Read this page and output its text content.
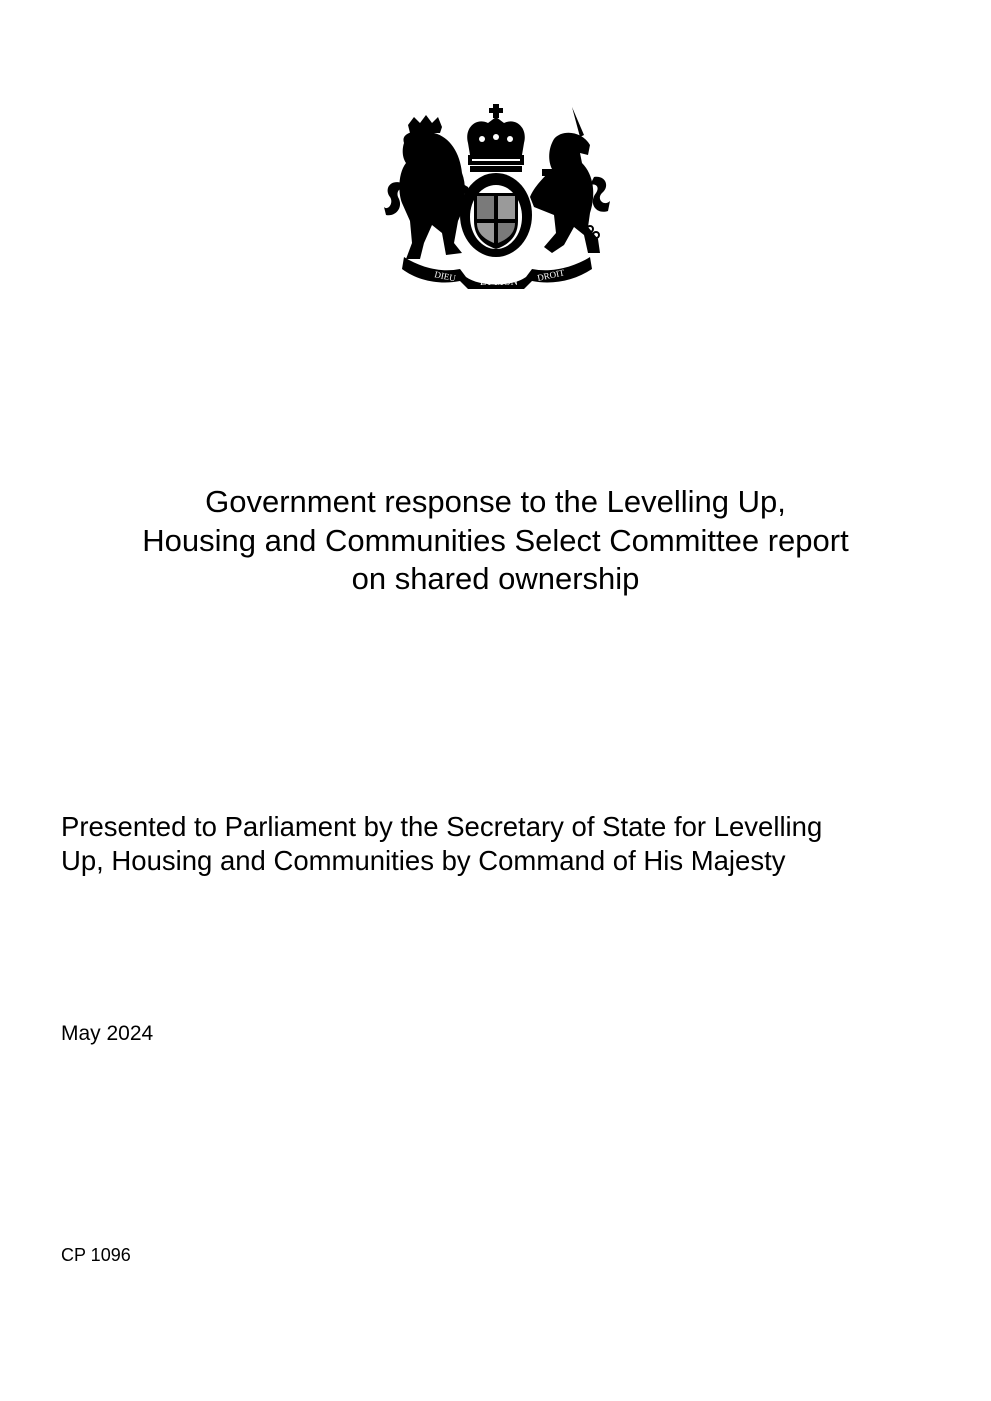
DIEU ET MON DROIT
Government response to the Levelling Up,
Housing and Communities Select Committee report
on shared ownership

Presented to Parliament by the Secretary of State for Levelling
Up, Housing and Communities by Command of His Majesty

May 2024

CP 1096
